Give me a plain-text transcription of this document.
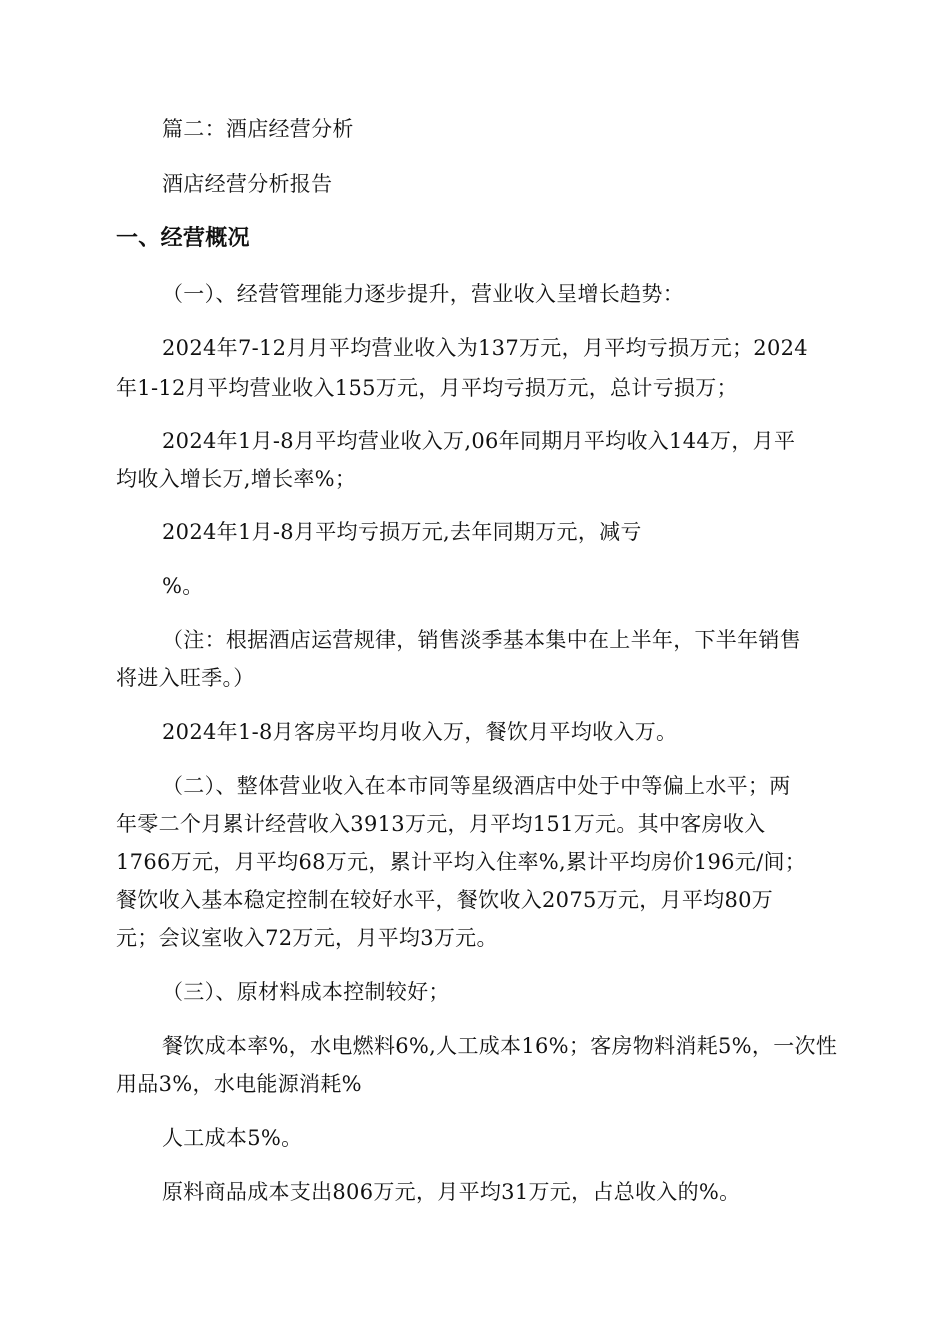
篇二：酒店经营分析
酒店经营分析报告
一、经营概况
（一）、经营管理能力逐步提升，营业收入呈增长趋势：
2024年7-12月月平均营业收入为137万元，月平均亏损万元；2024
年1-12月平均营业收入155万元，月平均亏损万元，总计亏损万；
2024年1月-8月平均营业收入万,06年同期月平均收入144万，月平
均收入增长万,增长率%；
2024年1月-8月平均亏损万元,去年同期万元，减亏
%。
（注：根据酒店运营规律，销售淡季基本集中在上半年，下半年销售
将进入旺季。）
2024年1-8月客房平均月收入万，餐饮月平均收入万。
（二）、整体营业收入在本市同等星级酒店中处于中等偏上水平；两
年零二个月累计经营收入3913万元，月平均151万元。其中客房收入
1766万元，月平均68万元，累计平均入住率%,累计平均房价196元/间；
餐饮收入基本稳定控制在较好水平，餐饮收入2075万元，月平均80万
元；会议室收入72万元，月平均3万元。
（三）、原材料成本控制较好；
餐饮成本率%，水电燃料6%,人工成本16%；客房物料消耗5%，一次性
用品3%，水电能源消耗%
人工成本5%。
原料商品成本支出806万元，月平均31万元，占总收入的%。
